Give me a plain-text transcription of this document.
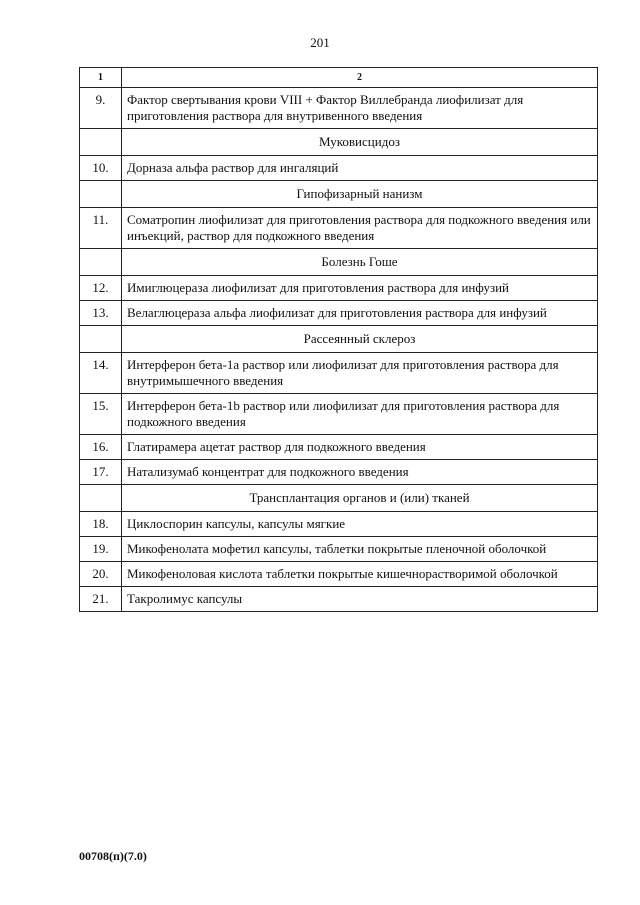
201
1	2
9.	Фактор свертывания крови VIII + Фактор Виллебранда лиофилизат для приготовления раствора для внутривенного введения
	Муковисцидоз
10.	Дорназа альфа раствор для ингаляций
	Гипофизарный нанизм
11.	Соматропин лиофилизат для приготовления раствора для подкожного введения или инъекций, раствор для подкожного введения
	Болезнь Гоше
12.	Имиглюцераза лиофилизат для приготовления раствора для инфузий
13.	Велаглюцераза альфа лиофилизат для приготовления раствора для инфузий
	Рассеянный склероз
14.	Интерферон бета-1a раствор или лиофилизат для приготовления раствора для внутримышечного введения
15.	Интерферон бета-1b раствор или лиофилизат для приготовления раствора для подкожного введения
16.	Глатирамера ацетат раствор для подкожного введения
17.	Натализумаб концентрат для подкожного введения
	Трансплантация органов и (или) тканей
18.	Циклоспорин капсулы, капсулы мягкие
19.	Микофенолата мофетил капсулы, таблетки покрытые пленочной оболочкой
20.	Микофеноловая кислота таблетки покрытые кишечнорастворимой оболочкой
21.	Такролимус капсулы
00708(п)(7.0)
